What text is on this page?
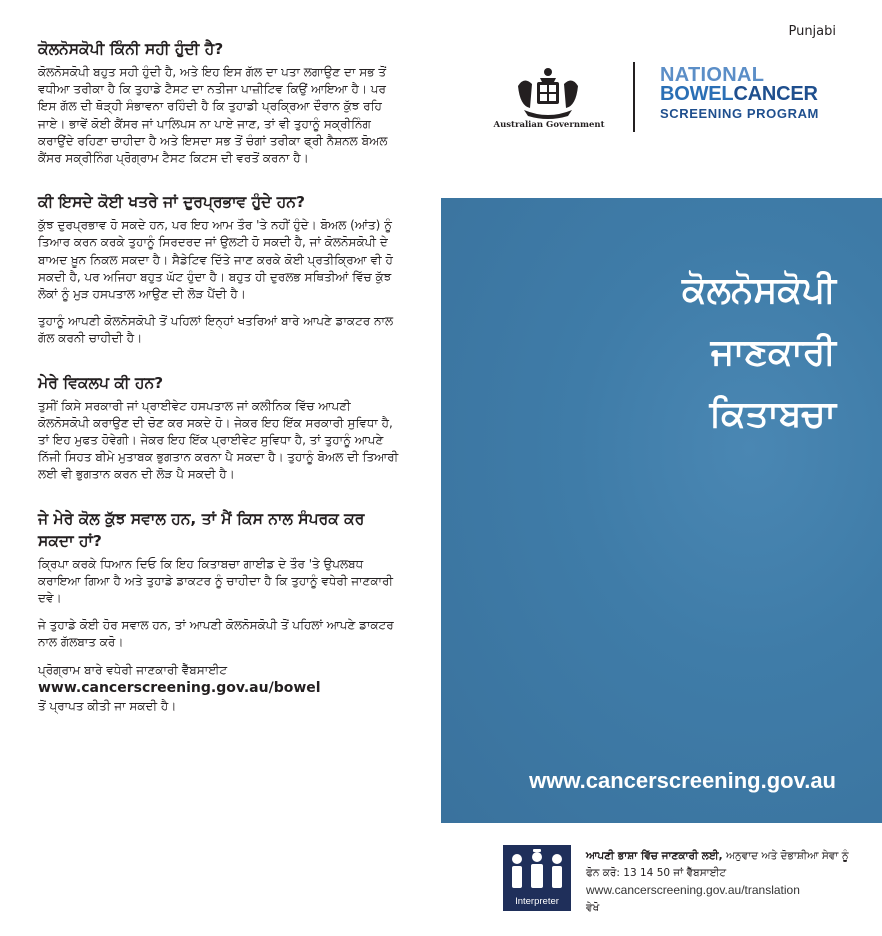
Punjabi
ਕੋਲਨੋਸਕੋਪੀ ਕਿੰਨੀ ਸਹੀ ਹੁੰਦੀ ਹੈ?

ਕੋਲਨੋਸਕੋਪੀ ਬਹੁਤ ਸਹੀ ਹੁੰਦੀ ਹੈ, ਅਤੇ ਇਹ ਇਸ ਗੱਲ ਦਾ ਪਤਾ ਲਗਾਉਣ ਦਾ ਸਭ ਤੋਂ ਵਧੀਆ ਤਰੀਕਾ ਹੈ ਕਿ ਤੁਹਾਡੇ ਟੈਸਟ ਦਾ ਨਤੀਜਾ ਪਾਜ਼ੀਟਿਵ ਕਿਉਂ ਆਇਆ ਹੈ। ਪਰ ਇਸ ਗੱਲ ਦੀ ਥੋੜ੍ਹੀ ਸੰਭਾਵਨਾ ਰਹਿੰਦੀ ਹੈ ਕਿ ਤੁਹਾਡੀ ਪ੍ਰਕ੍ਰਿਆ ਦੌਰਾਨ ਕੁੱਝ ਰਹਿ ਜਾਏ। ਭਾਵੇਂ ਕੋਈ ਕੈਂਸਰ ਜਾਂ ਪਾਲਿਪਸ ਨਾ ਪਾਏ ਜਾਣ, ਤਾਂ ਵੀ ਤੁਹਾਨੂੰ ਸਕ੍ਰੀਨਿੰਗ ਕਰਾਉਂਦੇ ਰਹਿਣਾ ਚਾਹੀਦਾ ਹੈ ਅਤੇ ਇਸਦਾ ਸਭ ਤੋਂ ਚੰਗਾਂ ਤਰੀਕਾ ਫ੍ਰੀ ਨੈਸ਼ਨਲ ਬੋਅਲ ਕੈਂਸਰ ਸਕ੍ਰੀਨਿੰਗ ਪ੍ਰੋਗ੍ਰਾਮ ਟੈਸਟ ਕਿਟਸ ਦੀ ਵਰਤੋਂ ਕਰਨਾ ਹੈ।

ਕੀ ਇਸਦੇ ਕੋਈ ਖਤਰੇ ਜਾਂ ਦੁਰਪ੍ਰਭਾਵ ਹੁੰਦੇ ਹਨ?

ਕੁੱਝ ਦੁਰਪ੍ਰਭਾਵ ਹੋ ਸਕਦੇ ਹਨ, ਪਰ ਇਹ ਆਮ ਤੌਰ 'ਤੇ ਨਹੀਂ ਹੁੰਦੇ। ਬੋਅਲ (ਆਂਤ) ਨੂੰ ਤਿਆਰ ਕਰਨ ਕਰਕੇ ਤੁਹਾਨੂੰ ਸਿਰਦਰਦ ਜਾਂ ਉਲਟੀ ਹੋ ਸਕਦੀ ਹੈ, ਜਾਂ ਕੋਲਨੋਸਕੋਪੀ ਦੇ ਬਾਅਦ ਖ਼ੂਨ ਨਿਕਲ ਸਕਦਾ ਹੈ। ਸੈਡੇਟਿਵ ਦਿੱਤੇ ਜਾਣ ਕਰਕੇ ਕੋਈ ਪ੍ਰਤੀਕ੍ਰਿਆ ਵੀ ਹੋ ਸਕਦੀ ਹੈ, ਪਰ ਅਜਿਹਾ ਬਹੁਤ ਘੱਟ ਹੁੰਦਾ ਹੈ। ਬਹੁਤ ਹੀ ਦੁਰਲਭ ਸਥਿਤੀਆਂ ਵਿੱਚ ਕੁੱਝ ਲੋਕਾਂ ਨੂੰ ਮੁੜ ਹਸਪਤਾਲ ਆਉਣ ਦੀ ਲੋੜ ਪੈਂਦੀ ਹੈ।

ਤੁਹਾਨੂੰ ਆਪਣੀ ਕੋਲਨੋਸਕੋਪੀ ਤੋਂ ਪਹਿਲਾਂ ਇਨ੍ਹਾਂ ਖਤਰਿਆਂ ਬਾਰੇ ਆਪਣੇ ਡਾਕਟਰ ਨਾਲ ਗੱਲ ਕਰਨੀ ਚਾਹੀਦੀ ਹੈ।

ਮੇਰੇ ਵਿਕਲਪ ਕੀ ਹਨ?

ਤੁਸੀਂ ਕਿਸੇ ਸਰਕਾਰੀ ਜਾਂ ਪ੍ਰਾਈਵੇਟ ਹਸਪਤਾਲ ਜਾਂ ਕਲੀਨਿਕ ਵਿੱਚ ਆਪਣੀ ਕੋਲਨੋਸਕੋਪੀ ਕਰਾਉਣ ਦੀ ਚੋਣ ਕਰ ਸਕਦੇ ਹੋ। ਜੇਕਰ ਇਹ ਇੱਕ ਸਰਕਾਰੀ ਸੁਵਿਧਾ ਹੈ, ਤਾਂ ਇਹ ਮੁਫਤ ਹੋਵੇਗੀ। ਜੇਕਰ ਇਹ ਇੱਕ ਪ੍ਰਾਈਵੇਟ ਸੁਵਿਧਾ ਹੈ, ਤਾਂ ਤੁਹਾਨੂੰ ਆਪਣੇ ਨਿੱਜੀ ਸਿਹਤ ਬੀਮੇ ਮੁਤਾਬਕ ਭੁਗਤਾਨ ਕਰਨਾ ਪੈ ਸਕਦਾ ਹੈ। ਤੁਹਾਨੂੰ ਬੋਅਲ ਦੀ ਤਿਆਰੀ ਲਈ ਵੀ ਭੁਗਤਾਨ ਕਰਨ ਦੀ ਲੋੜ ਪੈ ਸਕਦੀ ਹੈ।

ਜੇ ਮੇਰੇ ਕੋਲ ਕੁੱਝ ਸਵਾਲ ਹਨ, ਤਾਂ ਮੈਂ ਕਿਸ ਨਾਲ ਸੰਪਰਕ ਕਰ ਸਕਦਾ ਹਾਂ?

ਕ੍ਰਿਪਾ ਕਰਕੇ ਧਿਆਨ ਦਿਓ ਕਿ ਇਹ ਕਿਤਾਬਚਾ ਗਾਈਡ ਦੇ ਤੌਰ 'ਤੇ ਉਪਲਬਧ ਕਰਾਇਆ ਗਿਆ ਹੈ ਅਤੇ ਤੁਹਾਡੇ ਡਾਕਟਰ ਨੂੰ ਚਾਹੀਦਾ ਹੈ ਕਿ ਤੁਹਾਨੂੰ ਵਧੇਰੀ ਜਾਣਕਾਰੀ ਦਵੇ।

ਜੇ ਤੁਹਾਡੇ ਕੋਈ ਹੋਰ ਸਵਾਲ ਹਨ, ਤਾਂ ਆਪਣੀ ਕੋਲਨੋਸਕੋਪੀ ਤੋਂ ਪਹਿਲਾਂ ਆਪਣੇ ਡਾਕਟਰ ਨਾਲ ਗੱਲਬਾਤ ਕਰੋ।

ਪ੍ਰੋਗ੍ਰਾਮ ਬਾਰੇ ਵਧੇਰੀ ਜਾਣਕਾਰੀ ਵੈੱਬਸਾਈਟ
www.cancerscreening.gov.au/bowel
ਤੋਂ ਪ੍ਰਾਪਤ ਕੀਤੀ ਜਾ ਸਕਦੀ ਹੈ।
Australian Government
NATIONAL
BOWELCANCER
SCREENING PROGRAM
ਕੋਲਨੋਸਕੋਪੀ
ਜਾਣਕਾਰੀ
ਕਿਤਾਬਚਾ
www.cancerscreening.gov.au
Interpreter
ਆਪਣੀ ਭਾਸ਼ਾ ਵਿੱਚ ਜਾਣਕਾਰੀ ਲਈ, ਅਨੁਵਾਦ ਅਤੇ ਦੋਭਾਸ਼ੀਆ ਸੇਵਾ ਨੂੰ ਫੋਨ ਕਰੋ: 13 14 50 ਜਾਂ ਵੈੱਬਸਾਈਟ
www.cancerscreening.gov.au/translation
ਵੇਖੋ
